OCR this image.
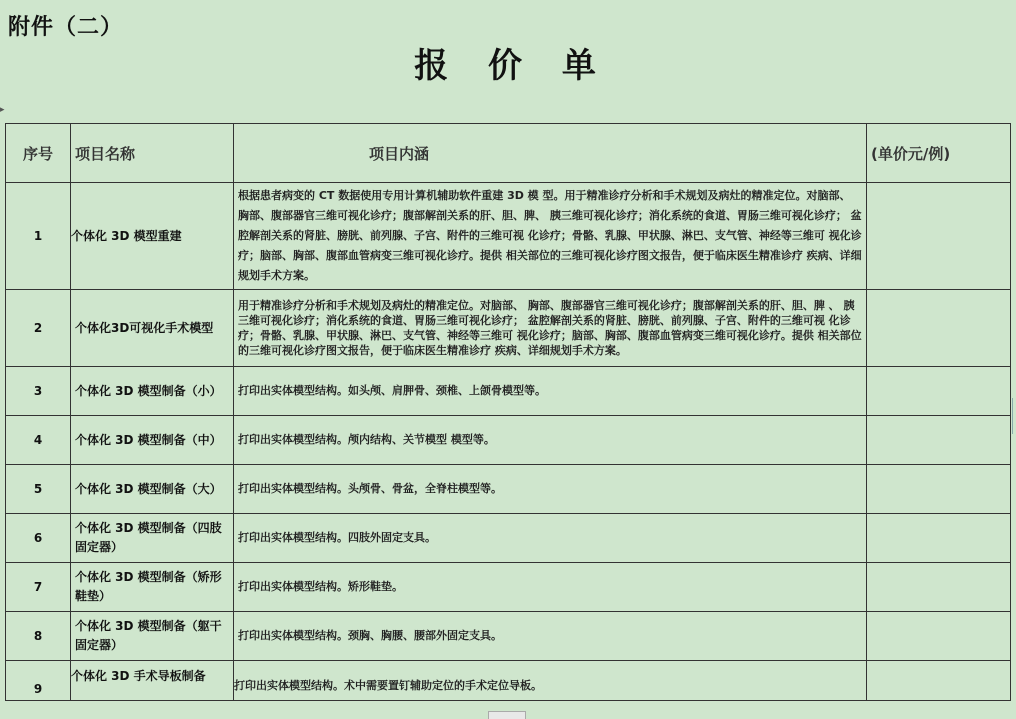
附件（二）
报 价 单
▸
序号	项目名称	项目内涵	(单价元/例)
1	个体化 3D 模型重建	根据患者病变的 CT 数据使用专用计算机辅助软件重建 3D 模 型。用于精准诊疗分析和手术规划及病灶的精准定位。对脑部、 胸部、腹部器官三维可视化诊疗；腹部解剖关系的肝、胆、脾、 胰三维可视化诊疗；消化系统的食道、胃肠三维可视化诊疗； 盆腔解剖关系的肾脏、膀胱、前列腺、子宫、附件的三维可视 化诊疗；骨骼、乳腺、甲状腺、淋巴、支气管、神经等三维可 视化诊疗；脑部、胸部、腹部血管病变三维可视化诊疗。提供 相关部位的三维可视化诊疗图文报告，便于临床医生精准诊疗 疾病、详细规划手术方案。	
2	个体化3D可视化手术模型	用于精准诊疗分析和手术规划及病灶的精准定位。对脑部、 胸部、腹部器官三维可视化诊疗；腹部解剖关系的肝、胆、脾 、 胰三维可视化诊疗；消化系统的食道、胃肠三维可视化诊疗； 盆腔解剖关系的肾脏、膀胱、前列腺、子宫、附件的三维可视 化诊疗；骨骼、乳腺、甲状腺、淋巴、支气管、神经等三维可 视化诊疗；脑部、胸部、腹部血管病变三维可视化诊疗。提供 相关部位的三维可视化诊疗图文报告，便于临床医生精准诊疗 疾病、详细规划手术方案。	
3	个体化 3D 模型制备（小）	打印出实体模型结构。如头颅、肩胛骨、颈椎、上颌骨模型等。	
4	个体化 3D 模型制备（中）	打印出实体模型结构。颅内结构、关节模型 模型等。	
5	个体化 3D 模型制备（大）	打印出实体模型结构。头颅骨、骨盆，全脊柱模型等。	
6	个体化 3D 模型制备（四肢固定器）	打印出实体模型结构。四肢外固定支具。	
7	个体化 3D 模型制备（矫形鞋垫）	打印出实体模型结构。矫形鞋垫。	
8	个体化 3D 模型制备（躯干固定器）	打印出实体模型结构。颈胸、胸腰、腰部外固定支具。	
9	个体化 3D 手术导板制备	打印出实体模型结构。术中需要置钉辅助定位的手术定位导板。	
